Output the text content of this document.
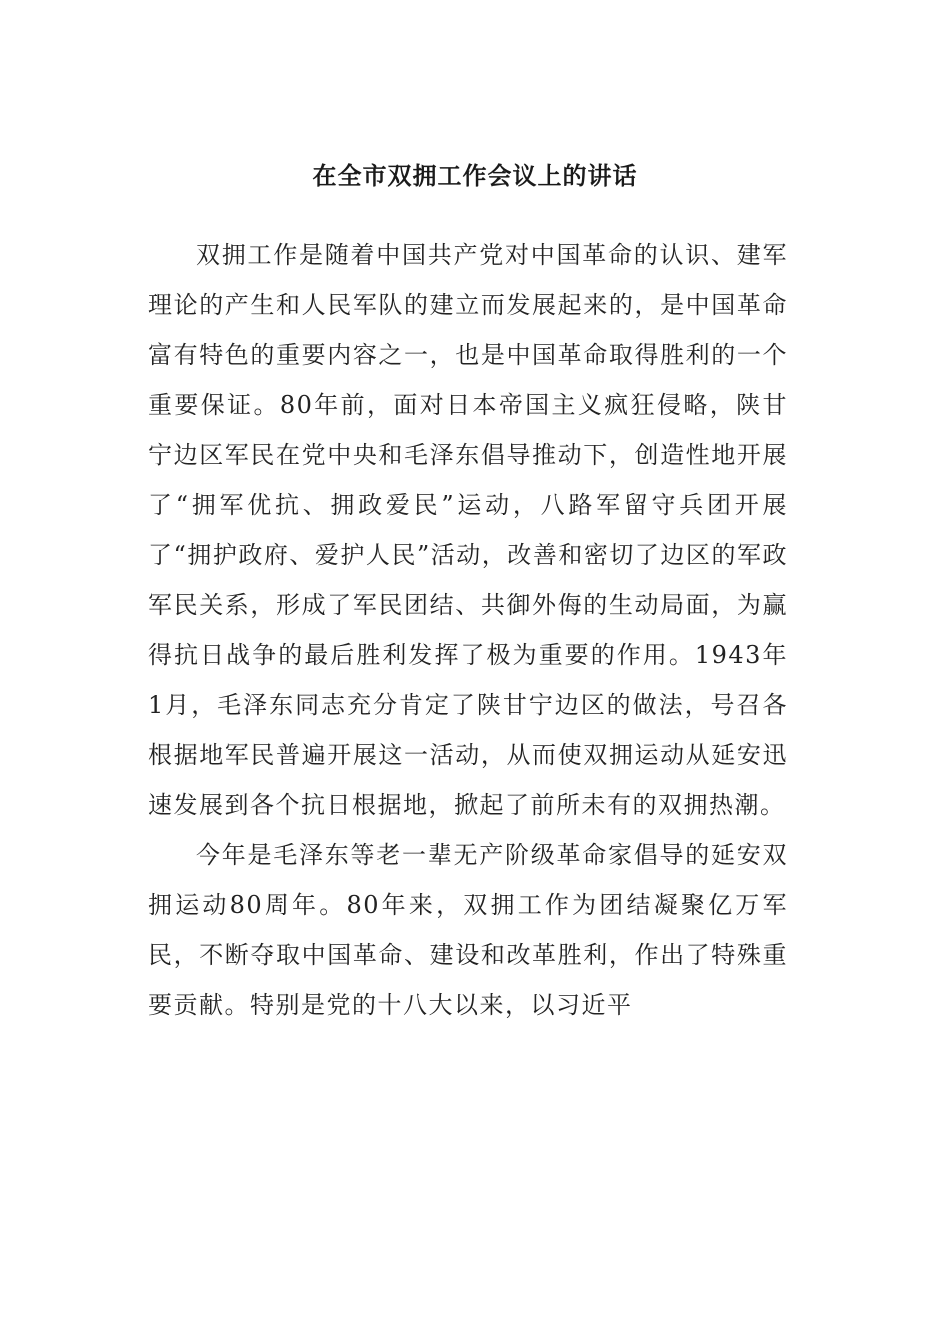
在全市双拥工作会议上的讲话

双拥工作是随着中国共产党对中国革命的认识、建军理论的产生和人民军队的建立而发展起来的，是中国革命富有特色的重要内容之一，也是中国革命取得胜利的一个重要保证。80年前，面对日本帝国主义疯狂侵略，陕甘宁边区军民在党中央和毛泽东倡导推动下，创造性地开展了“拥军优抗、拥政爱民”运动，八路军留守兵团开展了“拥护政府、爱护人民”活动，改善和密切了边区的军政军民关系，形成了军民团结、共御外侮的生动局面，为赢得抗日战争的最后胜利发挥了极为重要的作用。1943年1月，毛泽东同志充分肯定了陕甘宁边区的做法，号召各根据地军民普遍开展这一活动，从而使双拥运动从延安迅速发展到各个抗日根据地，掀起了前所未有的双拥热潮。

今年是毛泽东等老一辈无产阶级革命家倡导的延安双拥运动80周年。80年来，双拥工作为团结凝聚亿万军民，不断夺取中国革命、建设和改革胜利，作出了特殊重要贡献。特别是党的十八大以来，以习近平
